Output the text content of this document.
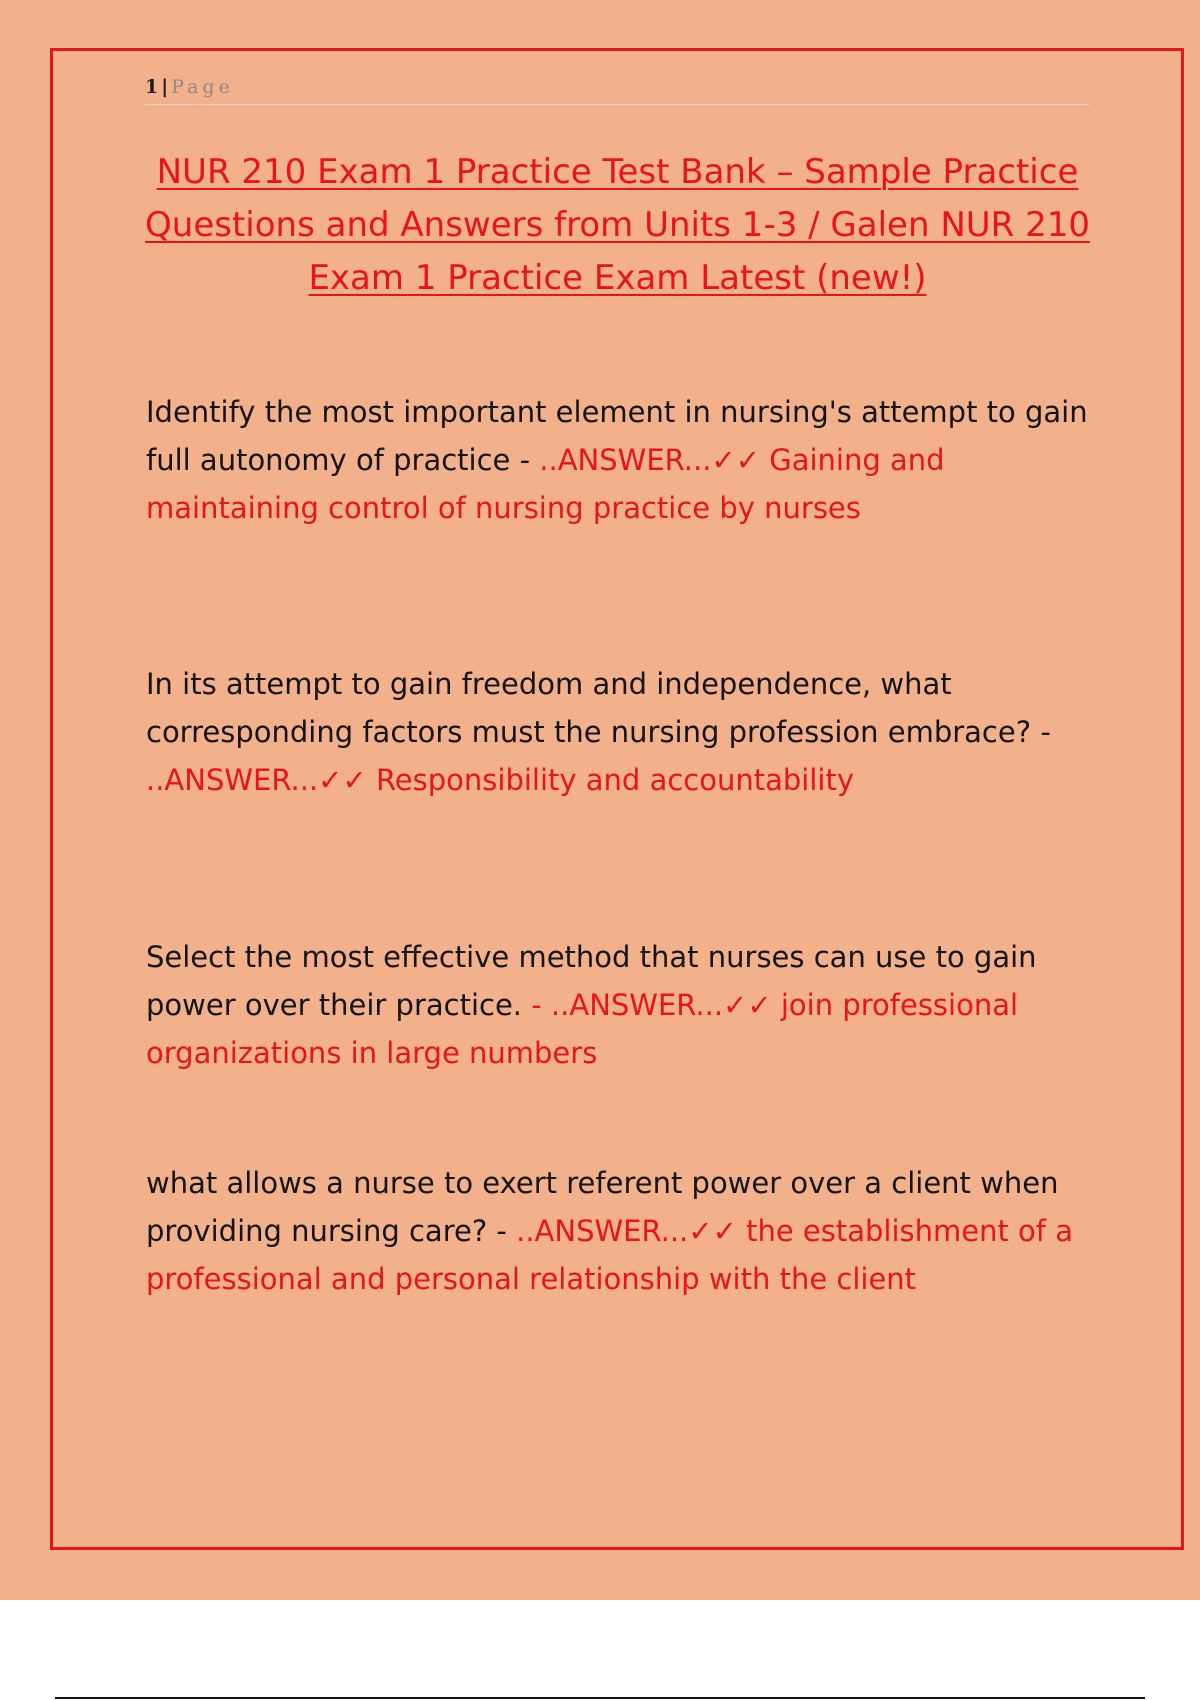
1 | Page
NUR 210 Exam 1 Practice Test Bank – Sample Practice Questions and Answers from Units 1-3 / Galen NUR 210 Exam 1 Practice Exam Latest (new!)

Identify the most important element in nursing's attempt to gain full autonomy of practice - ..ANSWER...✓✓ Gaining and maintaining control of nursing practice by nurses

In its attempt to gain freedom and independence, what corresponding factors must the nursing profession embrace? - ..ANSWER...✓✓ Responsibility and accountability

Select the most effective method that nurses can use to gain power over their practice. - ..ANSWER...✓✓ join professional organizations in large numbers

what allows a nurse to exert referent power over a client when providing nursing care? - ..ANSWER...✓✓ the establishment of a professional and personal relationship with the client
